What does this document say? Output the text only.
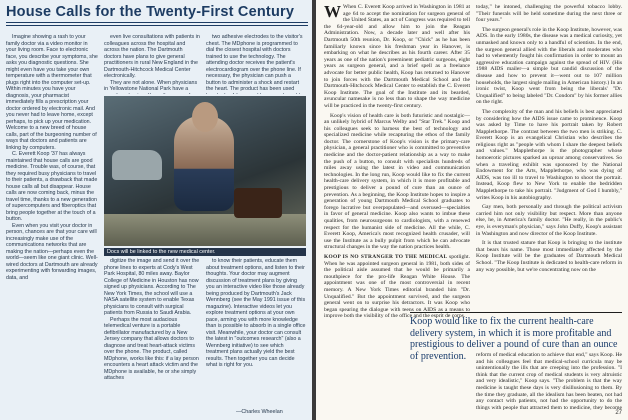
House Calls for the Twenty-First Century

Imagine showing a rash to your family doctor via a video monitor in your living room. Face to electronic face, you describe your symptoms, she asks you diagnostic questions. She might even have you take your own temperature with a thermometer that plugs right into the computer set-up. Within minutes you have your diagnosis, your pharmacist immediately fills a prescription your doctor ordered by electronic mail. And you never had to leave home, except perhaps, to pick up your medication. Welcome to a new breed of house calls, part of the burgeoning number of ways that doctors and patients are linking by computers.

C. Everett Koop '37 has always maintained that house calls are good medicine. Trouble was, of course, that they required busy physicians to travel to their patients, a drawback that made house calls all but disappear. House calls are now coming back, minus the travel time, thanks to a new generation of supercomputers and fiberoptics that bring people together at the touch of a button.

Even when you visit your doctor in person, chances are that your care will increasingly make use of the communications networks that are making the nation—perhaps even the world—seem like one giant clinic. Well-wired doctors at Dartmouth are already experimenting with forwarding images, data, and

even live consultations with patients in colleagues across the hospital and across the nation. The Dartmouth doctors have plans to give general practitioners in rural New England in the Dartmouth-Hitchcock Medical Center electronically.

They are not alone. When physicians in Yellowstone National Park have a

two adhesive electrodes to the visitor's chest. The MDphone is programmed to dial the closest hospital with doctors trained to use the technology. The attending doctor receives the patient's electrocardiogram over the phone line. If necessary, the physician can push a button to administer a shock and restart the heart. The product has been used

Docs will be linked to the new medical center.

digitize the image and send it over the phone lines to experts at Cody's West Park Hospital, 80 miles away. Baylor College of Medicine in Houston has now signed up physicians. According to The New York Times, the school will use a NASA satellite system to enable Texas physicians to consult with surgical patients from Russia to Saudi Arabia.

Perhaps the most audacious telemedical venture is a portable defibrillator manufactured by a New Jersey company that allows doctors to diagnose and treat heart-attack victims over the phone. The product, called MDphone, works like this: if a lay person encounters a heart attack victim and the MDphone is available, he or she simply attaches

to know their patients, educate them about treatment options, and listen to their thoughts. Your doctor may augment discussion of treatment plans by giving you an interactive video like those already being produced by Dartmouth's Jack Wennberg (see the May 1991 issue of this magazine). Interactive videos let you explore treatment options at your own pace, arming you with more knowledge than is possible to absorb in a single office visit. Meanwhile, your doctor can consult the latest in "outcomes research" (also a Wennberg initiative) to see which treatment plans actually yield the best results. Then together you can decide what is right for you.

—Charles Wheelan
W When C. Everett Koop arrived in Washington in 1981 at age 64 to accept the nomination for surgeon general of the United States, an act of Congress was required to tell the 64-year-old and allow him to join the Reagan Administration. Now, a decade later and well after his Dartmouth 50th reunion, Dr. Koop, or "Chick" as he has been familiarly known since his freshman year in Hanover, is embarking on what he describes as his fourth career. After 35 years as one of the nation's preeminent pediatric surgeons, eight years as surgeon general, and a brief spell as a freelance advocate for better public health, Koop has returned to Hanover to join forces with the Dartmouth Medical School and the Dartmouth-Hitchcock Medical Center to establish the C. Everett Koop Institute. The goal of the Institute and its bearded, avuncular namesake is no less than to shape the way medicine will be practiced in the twenty-first century.

Koop's vision of health care is both futuristic and nostalgic—an unlikely hybrid of Marcus Welby and "Star Trek." Koop and his colleagues seek to harness the best of technology and specialized medicine while recapturing the ethos of the family doctor. The cornerstone of Koop's vision is the primary-care physician, a general practitioner who is committed to preventive medicine and the doctor-patient relationship as a way to make the push of a button, to consult with specialists hundreds of miles away using the latest in video and communication technologies. In the long run, Koop would like to fix the current health-care delivery system, in which it is more profitable and prestigious to deliver a pound of cure than an ounce of prevention. As a beginning, the Koop Institute hopes to inspire a generation of young Dartmouth Medical School graduates to forego lucrative but overpopulated—and overused—specialties in favor of general medicine. Koop also wants to imbue these qualities, from neurosurgeons to cardiologists, with a renewed respect for the humanist side of medicine. All the while, C. Everett Koop, America's most recognized health crusader, will use the Institute as a bully pulpit from which he can advocate structural changes in the way the nation practices health.

KOOP IS NO STRANGER TO THE MEDICAL spotlight. When he was appointed surgeon general in 1981, both sides of the political aisle assumed that he would be primarily a mouthpiece for the pro-life Reagan White House. The appointment was one of the most controversial in recent memory. A New York Times editorial branded him "Dr. Unqualified." But the appointment survived, and the surgeon general went on to surprise his detractors. It was Koop who began spearing the dialogue with teens on AIDS as a means to improve both the visibility of the office and the esprit de corps.

today," he intoned, challenging the powerful tobacco lobby. "Their funerals will be held sometime during the next three or four years."

The surgeon general's role in the Koop Institute, however, was ADS. In the early 1980s, the disease was a medical curiosity, yet unmasked and known only to a handful of scientists. In the end, the surgeon general allied with the liberals and moderates who had to vehemently fought his confirmation in order to mount an aggressive education campaign against the spread of HIV. (His 1988 AIDS mailer—a simple but candid discussion of the disease and how to prevent it—went out to 107 million households, the largest single mailing in American history.) In an ironic twist, Koop went from being the liberals' "Dr. Unqualified" to being labeled "Dr. Condom" by his former allies on the right.

The complexity of the man and his beliefs is best appreciated by considering how the AIDS issue came to prominence. Koop was asked by Time to have his portrait taken by Robert Mapplethorpe. The contrast between the two men is striking. C. Everett Koop is an evangelical Christian who describes the religious right as "people with whom I share the deepest beliefs and values." Mapplethorpe is the photographer whose homoerotic pictures sparked an uproar among conservatives. So when a traveling exhibit was sponsored by the National Endowment for the Arts, Mapplethorpe, who was dying of AIDS, was too ill to travel to Washington to shoot the portrait. Instead, Koop flew to New York to enable the bedridden Mapplethorpe to take his portrait. "Judgment of God I humbly," writes Koop in his autobiography.

Gay men, both personally and through the political activism carried him not only visibility but respect. More than anyone else, he, in America's family doctor. "He really, in the public's eye, is everyman's physician," says John Duffy, Koop's assistant in Washington and now director of the Koop Institute.

It is that trusted stature that Koop is bringing to the institute that bears his name. Those most immediately affected by the Koop Institute will be the graduates of Dartmouth Medical School. "The Koop Institute is dedicated to health-care reform in any way possible, but we're concentrating now on the

Koop would like to fix the current health-care delivery system, in which it is more profitable and prestigious to deliver a pound of cure than an ounce of prevention.	reform of medical education to achieve that end," says Koop. He and his colleagues feel that medical-school curricula may be unintentionally the ills that are creeping into the profession. "I think that the current crop of medical students is very altruistic and very idealistic," Koop says. "The problem is that the way medicine is taught these days is very disillusioning to them. By the time they graduate, all the idealism has been beaten, not had any contact with patients, not had the opportunity to do the things with people that attracted them to medicine, they become

27
